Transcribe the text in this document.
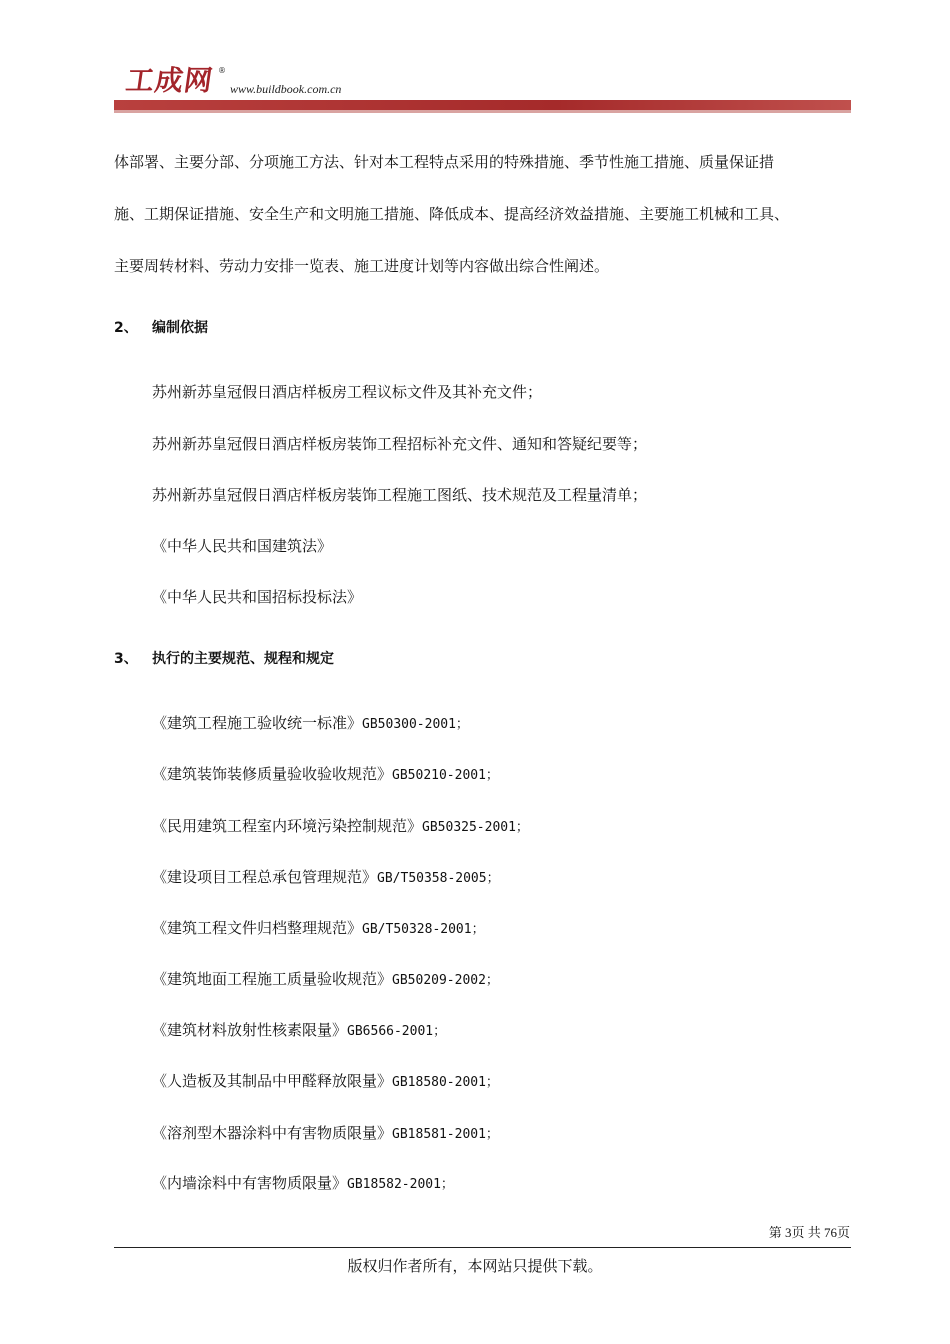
工成网 ®
www.buildbook.com.cn
体部署、主要分部、分项施工方法、针对本工程特点采用的特殊措施、季节性施工措施、质量保证措
施、工期保证措施、安全生产和文明施工措施、降低成本、提高经济效益措施、主要施工机械和工具、
主要周转材料、劳动力安排一览表、施工进度计划等内容做出综合性阐述。
2、 编制依据
苏州新苏皇冠假日酒店样板房工程议标文件及其补充文件；
苏州新苏皇冠假日酒店样板房装饰工程招标补充文件、通知和答疑纪要等；
苏州新苏皇冠假日酒店样板房装饰工程施工图纸、技术规范及工程量清单；
《中华人民共和国建筑法》
《中华人民共和国招标投标法》
3、 执行的主要规范、规程和规定
《建筑工程施工验收统一标准》GB50300-2001；
《建筑装饰装修质量验收验收规范》GB50210-2001；
《民用建筑工程室内环境污染控制规范》GB50325-2001；
《建设项目工程总承包管理规范》GB/T50358-2005；
《建筑工程文件归档整理规范》GB/T50328-2001；
《建筑地面工程施工质量验收规范》GB50209-2002；
《建筑材料放射性核素限量》GB6566-2001；
《人造板及其制品中甲醛释放限量》GB18580-2001；
《溶剂型木器涂料中有害物质限量》GB18581-2001；
《内墙涂料中有害物质限量》GB18582-2001；
第 3页 共 76页
版权归作者所有，本网站只提供下载。
